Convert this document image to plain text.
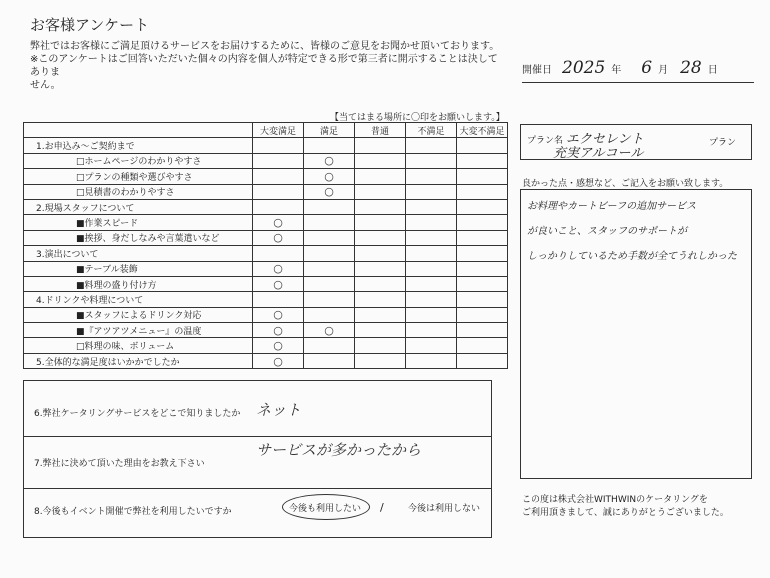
お客様アンケート
弊社ではお客様にご満足頂けるサービスをお届けするために、皆様のご意見をお聞かせ頂いております。
※このアンケートはご回答いただいた個々の内容を個人が特定できる形で第三者に開示することは決してありま
せん。
開催日 2025 年 6 月 28 日
【当てはまる場所に〇印をお願いします。】
	大変満足	満足	普通	不満足	大変不満足
1.お申込み～ご契約まで					
□ホームページのわかりやすさ		○			
□プランの種類や選びやすさ		○			
□見積書のわかりやすさ		○			
2.現場スタッフについて					
■作業スピード	○				
■挨拶、身だしなみや言葉遣いなど	○				
3.演出について					
■テーブル装飾	○				
■料理の盛り付け方	○				
4.ドリンクや料理について					
■スタッフによるドリンク対応	○				
■『アツアツメニュー』の温度	○	○			
□料理の味、ボリューム	○				
5.全体的な満足度はいかかでしたか	○				
6.弊社ケータリングサービスをどこで知りましたか ネット
7.弊社に決めて頂いた理由をお教え下さい
サービスが多かったから
8.今後もイベント開催で弊社を利用したいですか	今後も利用したい /	今後は利用しない
プラン名 エクセレント
充実アルコール
プラン
良かった点・感想など、ご記入をお願い致します。
お料理やカートビーフの追加サービス
が良いこと、スタッフのサポートが
しっかりしているため手数が全てうれしかった
この度は株式会社WITHWINのケータリングを
ご利用頂きまして、誠にありがとうございました。
